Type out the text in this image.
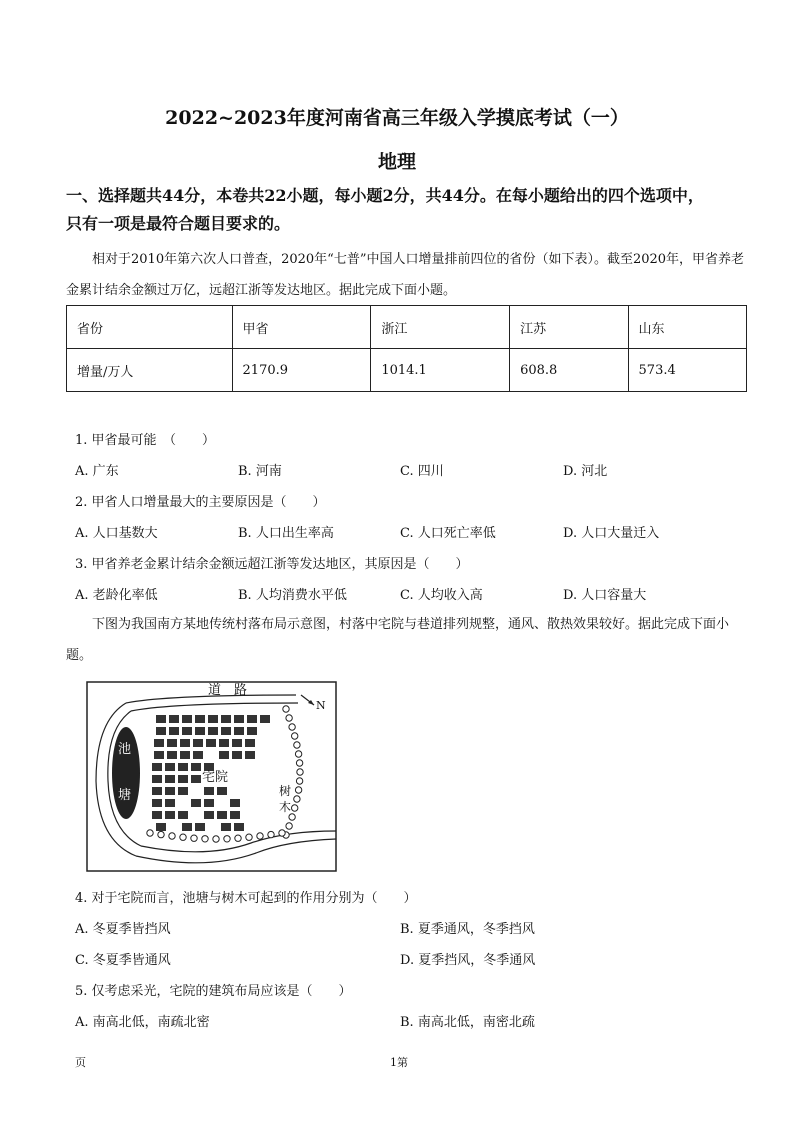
2022~2023年度河南省高三年级入学摸底考试（一）
地理
一、选择题共44分，本卷共22小题，每小题2分，共44分。在每小题给出的四个选项中，
只有一项是最符合题目要求的。
相对于2010年第六次人口普查，2020年“七普”中国人口增量排前四位的省份（如下表）。截至2020年，甲省养老金累计结余金额过万亿，远超江浙等发达地区。据此完成下面小题。
省份	甲省	浙江	江苏	山东
增量/万人	2170.9	1014.1	608.8	573.4
1. 甲省最可能　（　　）
A. 广东	B. 河南	C. 四川	D. 河北
2. 甲省人口增量最大的主要原因是（　　）
A. 人口基数大	B. 人口出生率高	C. 人口死亡率低	D. 人口大量迁入
3. 甲省养老金累计结余金额远超江浙等发达地区，其原因是（　　）
A. 老龄化率低	B. 人均消费水平低	C. 人均收入高	D. 人口容量大
下图为我国南方某地传统村落布局示意图，村落中宅院与巷道排列规整，通风、散热效果较好。据此完成下面小题。
池
塘
道　路
N
宅院
树
木
4. 对于宅院而言，池塘与树木可起到的作用分别为（　　）
A. 冬夏季皆挡风	B. 夏季通风，冬季挡风
C. 冬夏季皆通风	D. 夏季挡风，冬季通风
5. 仅考虑采光，宅院的建筑布局应该是（　　）
A. 南高北低，南疏北密	B. 南高北低，南密北疏
页	1第
